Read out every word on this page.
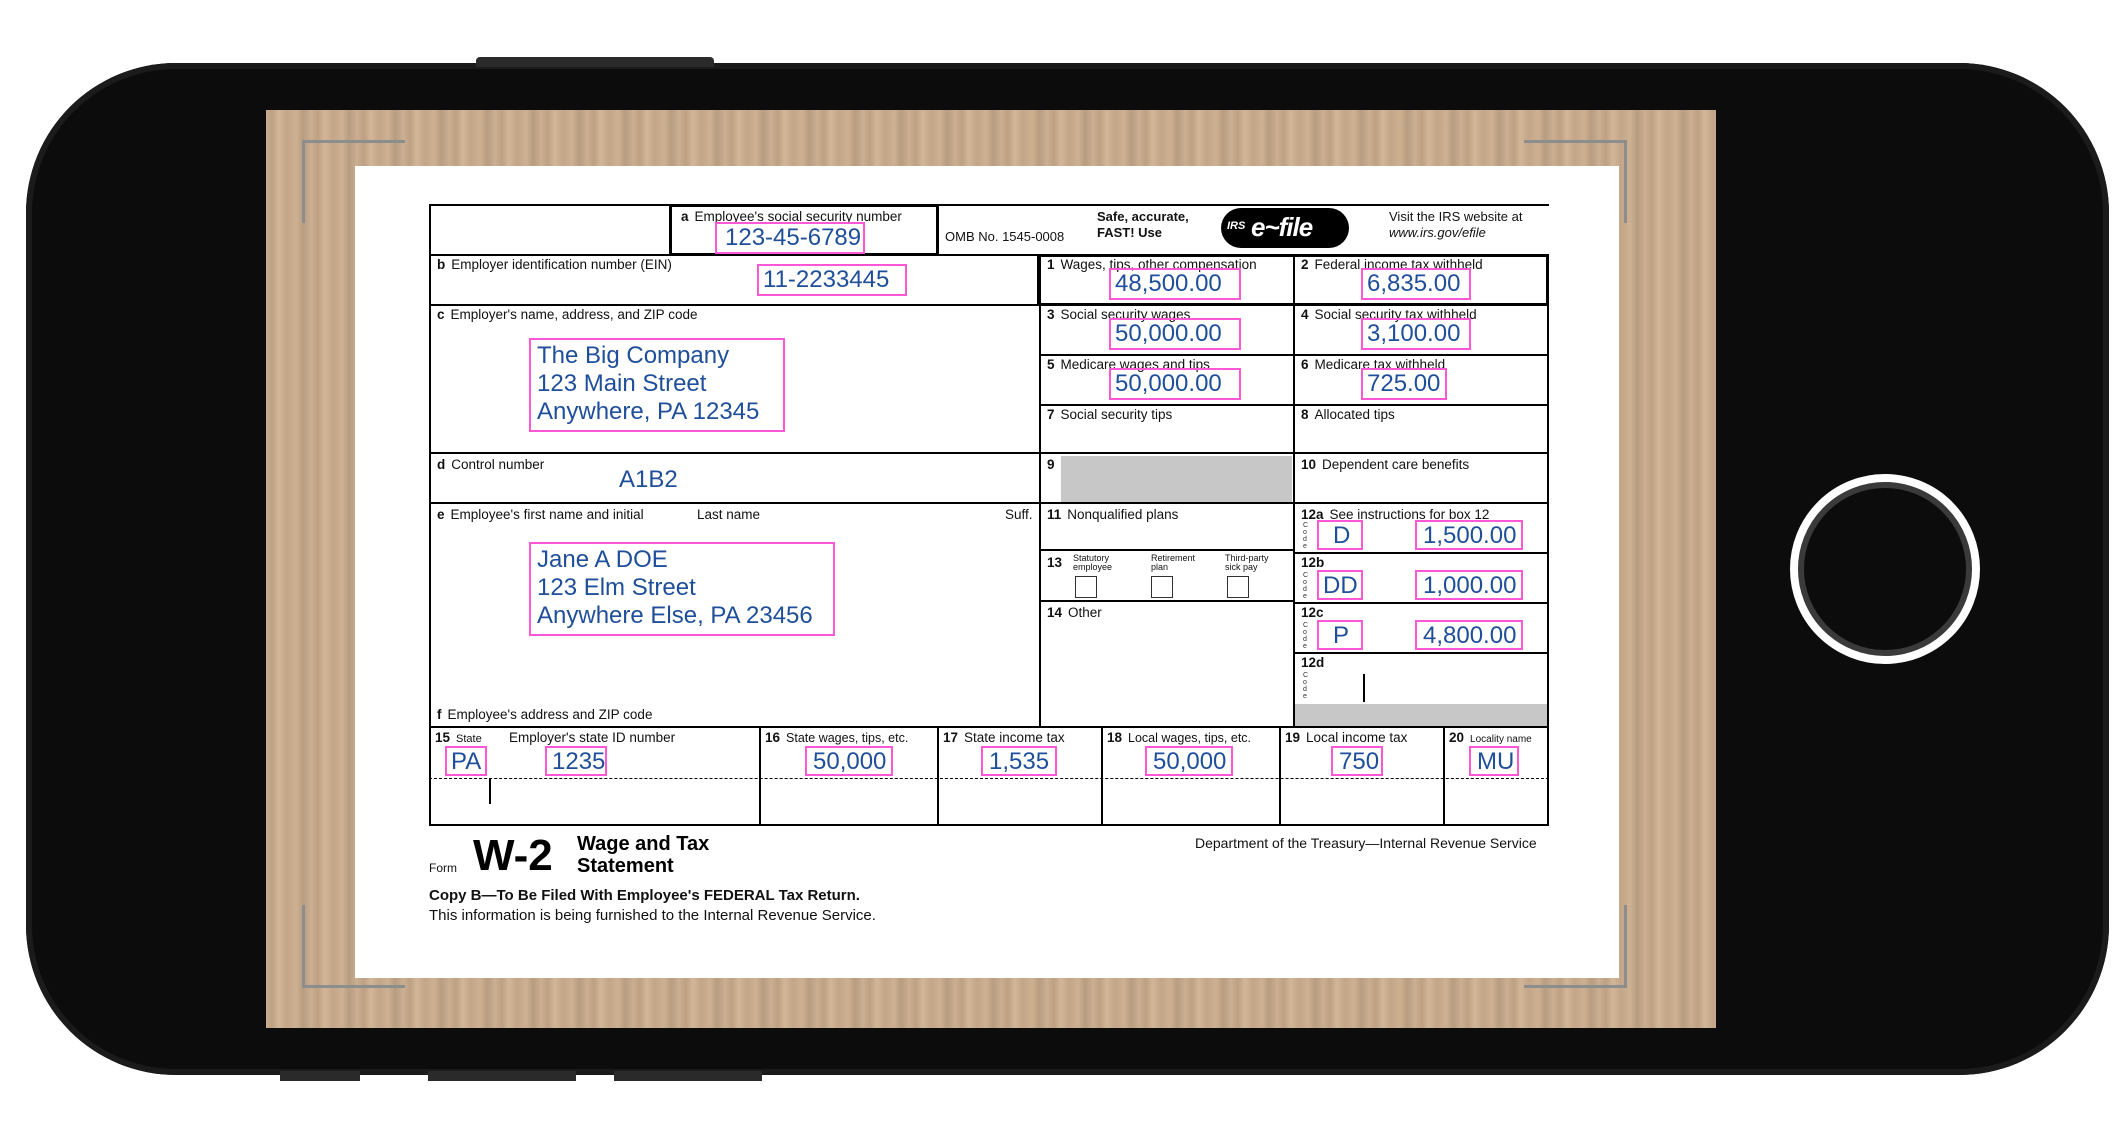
a Employee's social security number
123-45-6789	OMB No. 1545-0008
Safe, accurate,
FAST! Use	IRS e~file	Visit the IRS website at
www.irs.gov/efile
b Employer identification number (EIN)
11-2233445
c Employer's name, address, and ZIP code
The Big Company
123 Main Street
Anywhere, PA 12345
d Control number
A1B2
e Employee's first name and initial	Last name	Suff.
Jane A DOE
123 Elm Street
Anywhere Else, PA 23456
f Employee's address and ZIP code
1 Wages, tips, other compensation
48,500.00
2 Federal income tax withheld
6,835.00
3 Social security wages
50,000.00
4 Social security tax withheld
3,100.00
5 Medicare wages and tips
50,000.00
6 Medicare tax withheld
725.00
7 Social security tips	8 Allocated tips
9	10 Dependent care benefits
11 Nonqualified plans
13 Statutory employee
Retirement plan
Third-party sick pay
14 Other
12a See instructions for box 12
D	1,500.00
12b
DD	1,000.00
12c
P	4,800.00
12d
C
o
d
e
C
o
d
e
C
o
d
e
C
o
d
e
15 State Employer's state ID number
PA	1235
16 State wages, tips, etc.
50,000
17 State income tax
1,535
18 Local wages, tips, etc.
50,000
19 Local income tax
750
20 Locality name
MU
Form W-2 Wage and Tax
Statement
Department of the Treasury—Internal Revenue Service
Copy B—To Be Filed With Employee's FEDERAL Tax Return.
This information is being furnished to the Internal Revenue Service.
